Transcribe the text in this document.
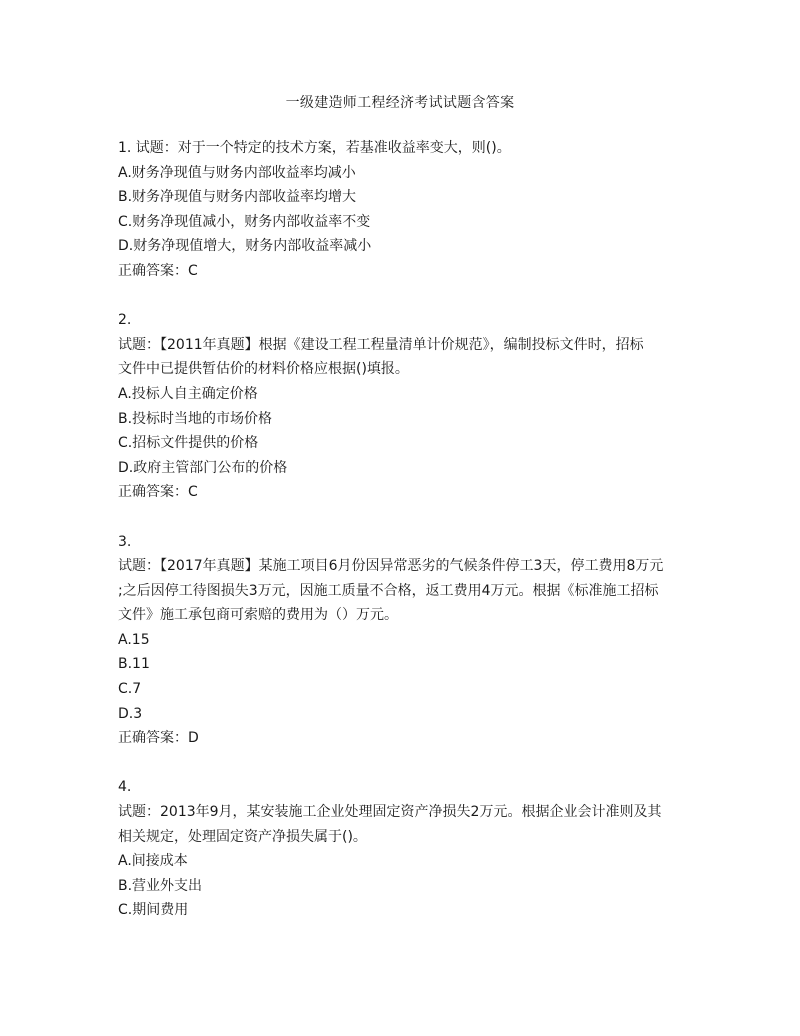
一级建造师工程经济考试试题含答案

1. 试题：对于一个特定的技术方案，若基准收益率变大，则()。

A.财务净现值与财务内部收益率均减小

B.财务净现值与财务内部收益率均增大

C.财务净现值减小，财务内部收益率不变

D.财务净现值增大，财务内部收益率减小

正确答案：C

2.

试题：【2011年真题】根据《建设工程工程量清单计价规范》，编制投标文件时，招标

文件中已提供暂估价的材料价格应根据()填报。

A.投标人自主确定价格

B.投标时当地的市场价格

C.招标文件提供的价格

D.政府主管部门公布的价格

正确答案：C

3.

试题：【2017年真题】某施工项目6月份因异常恶劣的气候条件停工3天，停工费用8万元

;之后因停工待图损失3万元，因施工质量不合格，返工费用4万元。根据《标准施工招标

文件》施工承包商可索赔的费用为（）万元。

A.15

B.11

C.7

D.3

正确答案：D

4.

试题：2013年9月，某安装施工企业处理固定资产净损失2万元。根据企业会计准则及其

相关规定，处理固定资产净损失属于()。

A.间接成本

B.营业外支出

C.期间费用
